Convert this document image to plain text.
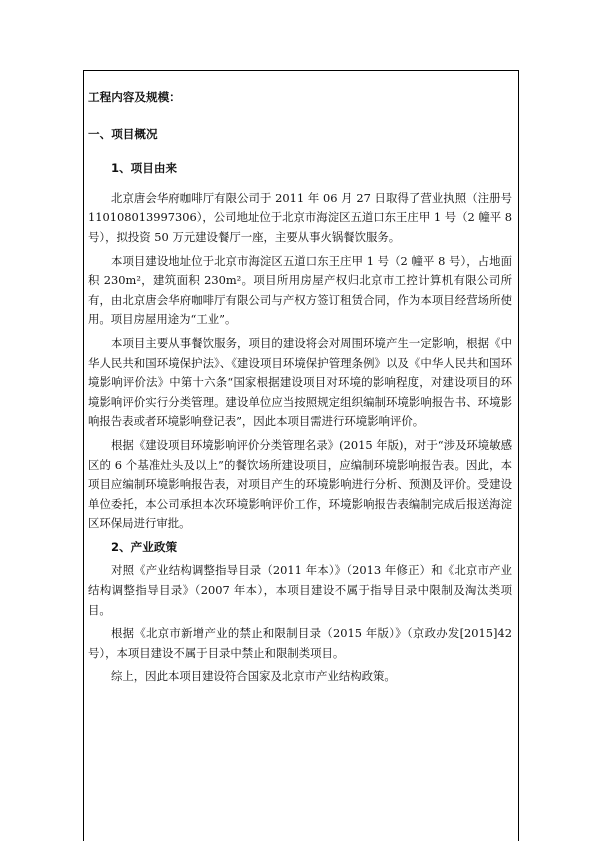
工程内容及规模：

一、项目概况

1、项目由来

北京唐会华府咖啡厅有限公司于 2011 年 06 月 27 日取得了营业执照（注册号 110108013997306），公司地址位于北京市海淀区五道口东王庄甲 1 号（2 幢平 8 号），拟投资 50 万元建设餐厅一座，主要从事火锅餐饮服务。

本项目建设地址位于北京市海淀区五道口东王庄甲 1 号（2 幢平 8 号），占地面积 230m²，建筑面积 230m²。项目所用房屋产权归北京市工控计算机有限公司所有，由北京唐会华府咖啡厅有限公司与产权方签订租赁合同，作为本项目经营场所使用。项目房屋用途为“工业”。

本项目主要从事餐饮服务，项目的建设将会对周围环境产生一定影响，根据《中华人民共和国环境保护法》、《建设项目环境保护管理条例》以及《中华人民共和国环境影响评价法》中第十六条“国家根据建设项目对环境的影响程度，对建设项目的环境影响评价实行分类管理。建设单位应当按照规定组织编制环境影响报告书、环境影响报告表或者环境影响登记表”，因此本项目需进行环境影响评价。

根据《建设项目环境影响评价分类管理名录》(2015 年版)，对于“涉及环境敏感区的 6 个基准灶头及以上”的餐饮场所建设项目，应编制环境影响报告表。因此，本项目应编制环境影响报告表，对项目产生的环境影响进行分析、预测及评价。受建设单位委托，本公司承担本次环境影响评价工作，环境影响报告表编制完成后报送海淀区环保局进行审批。

2、产业政策

对照《产业结构调整指导目录（2011 年本）》（2013 年修正）和《北京市产业结构调整指导目录》（2007 年本），本项目建设不属于指导目录中限制及淘汰类项目。

根据《北京市新增产业的禁止和限制目录（2015 年版）》（京政办发[2015]42 号），本项目建设不属于目录中禁止和限制类项目。

综上，因此本项目建设符合国家及北京市产业结构政策。
